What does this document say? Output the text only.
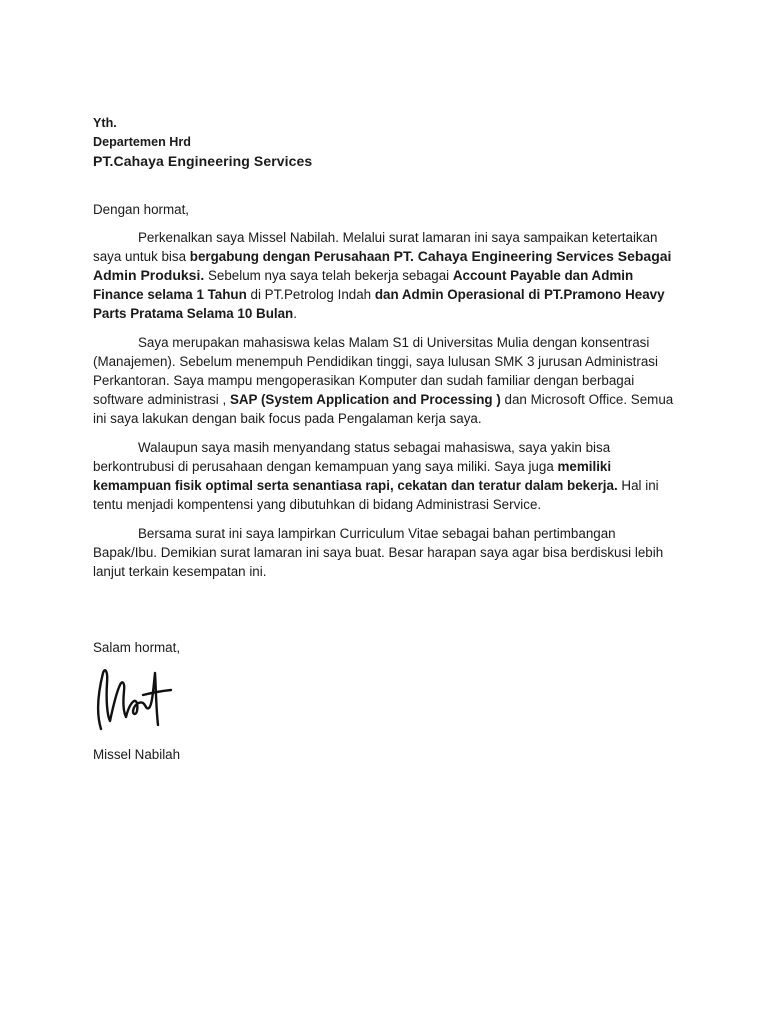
Yth.
Departemen Hrd
PT.Cahaya Engineering Services
Dengan hormat,

Perkenalkan saya Missel Nabilah. Melalui surat lamaran ini saya sampaikan ketertaikan saya untuk bisa bergabung dengan Perusahaan PT. Cahaya Engineering Services Sebagai Admin Produksi. Sebelum nya saya telah bekerja sebagai Account Payable dan Admin Finance selama 1 Tahun di PT.Petrolog Indah dan Admin Operasional di PT.Pramono Heavy Parts Pratama Selama 10 Bulan.

Saya merupakan mahasiswa kelas Malam S1 di Universitas Mulia dengan konsentrasi (Manajemen). Sebelum menempuh Pendidikan tinggi, saya lulusan SMK 3 jurusan Administrasi Perkantoran. Saya mampu mengoperasikan Komputer dan sudah familiar dengan berbagai software administrasi , SAP (System Application and Processing ) dan Microsoft Office. Semua ini saya lakukan dengan baik focus pada Pengalaman kerja saya.

Walaupun saya masih menyandang status sebagai mahasiswa, saya yakin bisa berkontrubusi di perusahaan dengan kemampuan yang saya miliki. Saya juga memiliki kemampuan fisik optimal serta senantiasa rapi, cekatan dan teratur dalam bekerja. Hal ini tentu menjadi kompentensi yang dibutuhkan di bidang Administrasi Service.

Bersama surat ini saya lampirkan Curriculum Vitae sebagai bahan pertimbangan Bapak/Ibu. Demikian surat lamaran ini saya buat. Besar harapan saya agar bisa berdiskusi lebih lanjut terkain kesempatan ini.

Salam hormat,
Missel Nabilah
